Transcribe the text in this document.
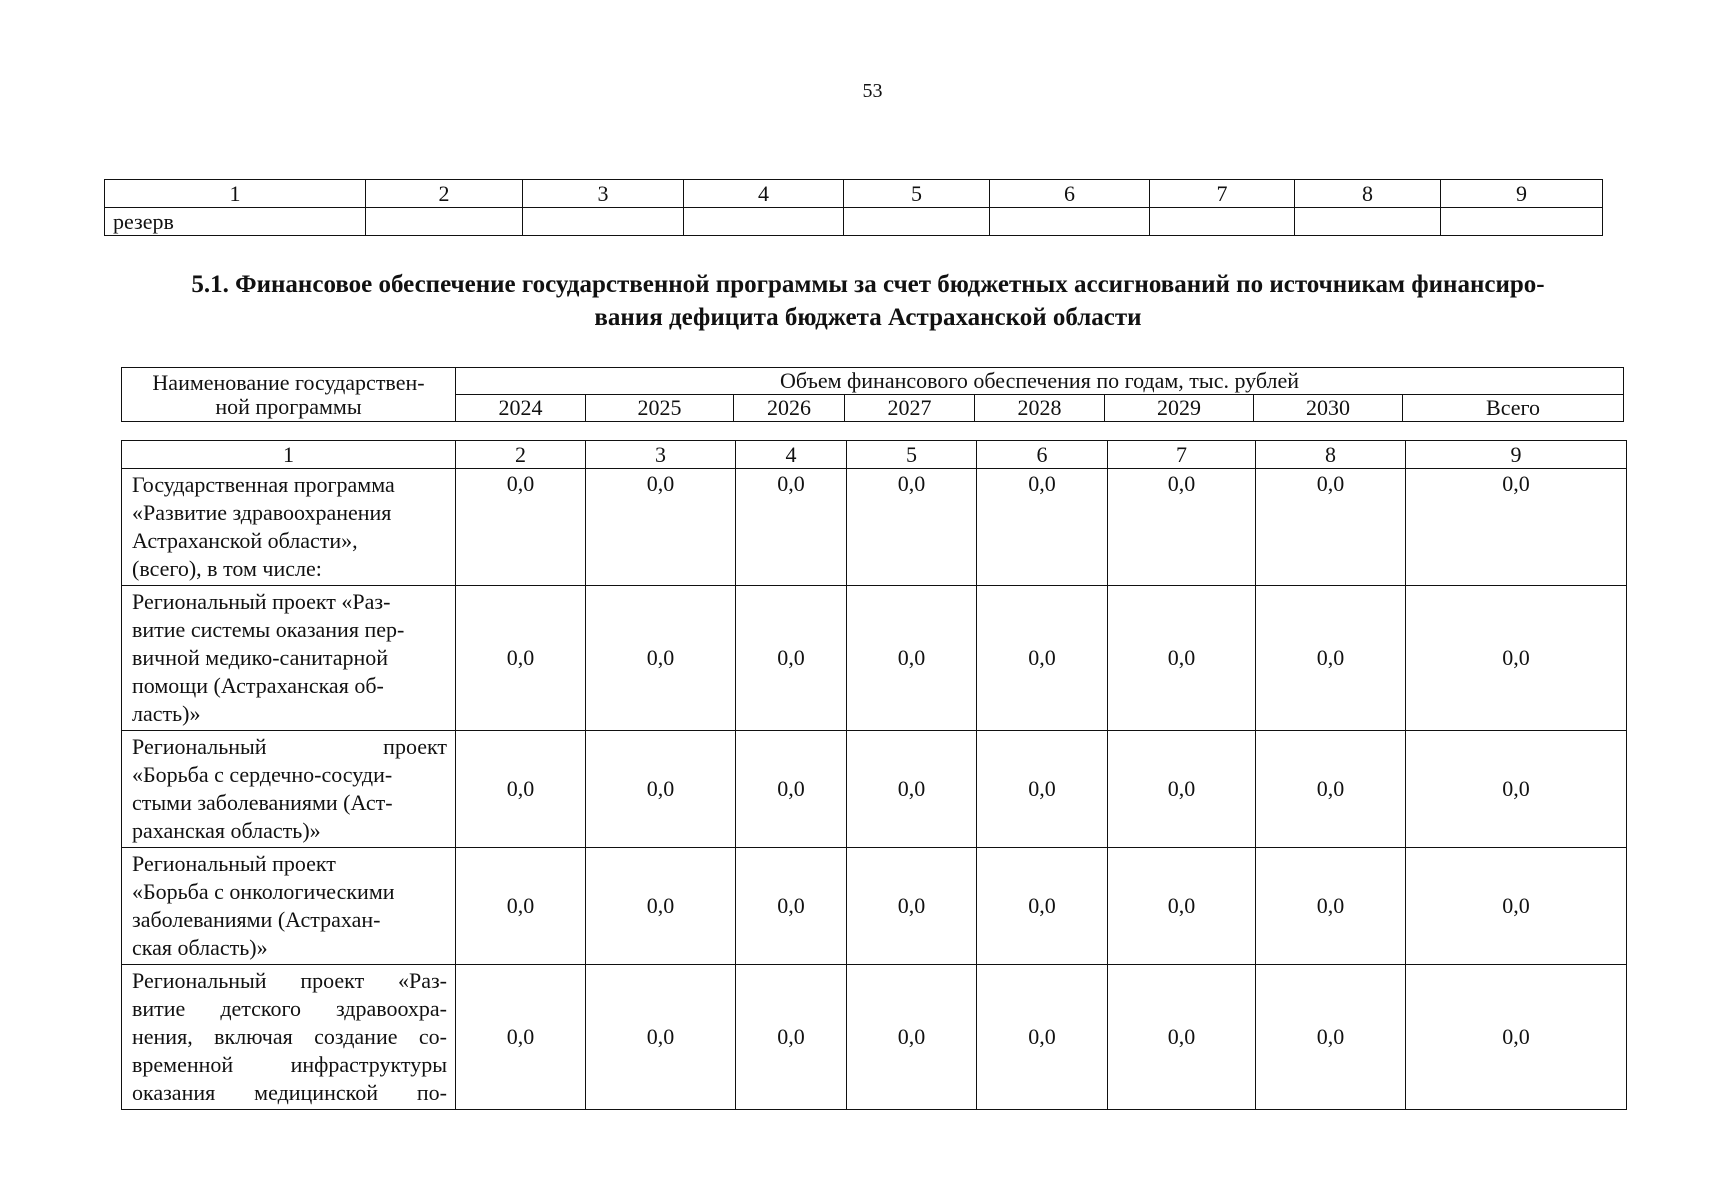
53
1	2	3	4	5	6	7	8	9
резерв								
5.1. Финансовое обеспечение государственной программы за счет бюджетных ассигнований по источникам финансиро-
вания дефицита бюджета Астраханской области
Наименование государствен-
ной программы	Объем финансового обеспечения по годам, тыс. рублей							
	2024	2025	2026	2027	2028	2029	2030	Всего
1	2	3	4	5	6	7	8	9

Государственная программа
«Развитие здравоохранения
Астраханской области»,
(всего), в том числе:	0,0	0,0	0,0	0,0	0,0	0,0	0,0	0,0

Региональный проект «Раз-
витие системы оказания пер-
вичной медико-санитарной
помощи (Астраханская об-
ласть)»	0,0	0,0	0,0	0,0	0,0	0,0	0,0	0,0

Региональный проект
«Борьба с сердечно-сосуди-
стыми заболеваниями (Аст-
раханская область)»	0,0	0,0	0,0	0,0	0,0	0,0	0,0	0,0

Региональный проект
«Борьба с онкологическими
заболеваниями (Астрахан-
ская область)»	0,0	0,0	0,0	0,0	0,0	0,0	0,0	0,0

Региональный проект «Раз-
витие детского здравоохра-
нения, включая создание со-
временной инфраструктуры
оказания медицинской по-	0,0	0,0	0,0	0,0	0,0	0,0	0,0	0,0
